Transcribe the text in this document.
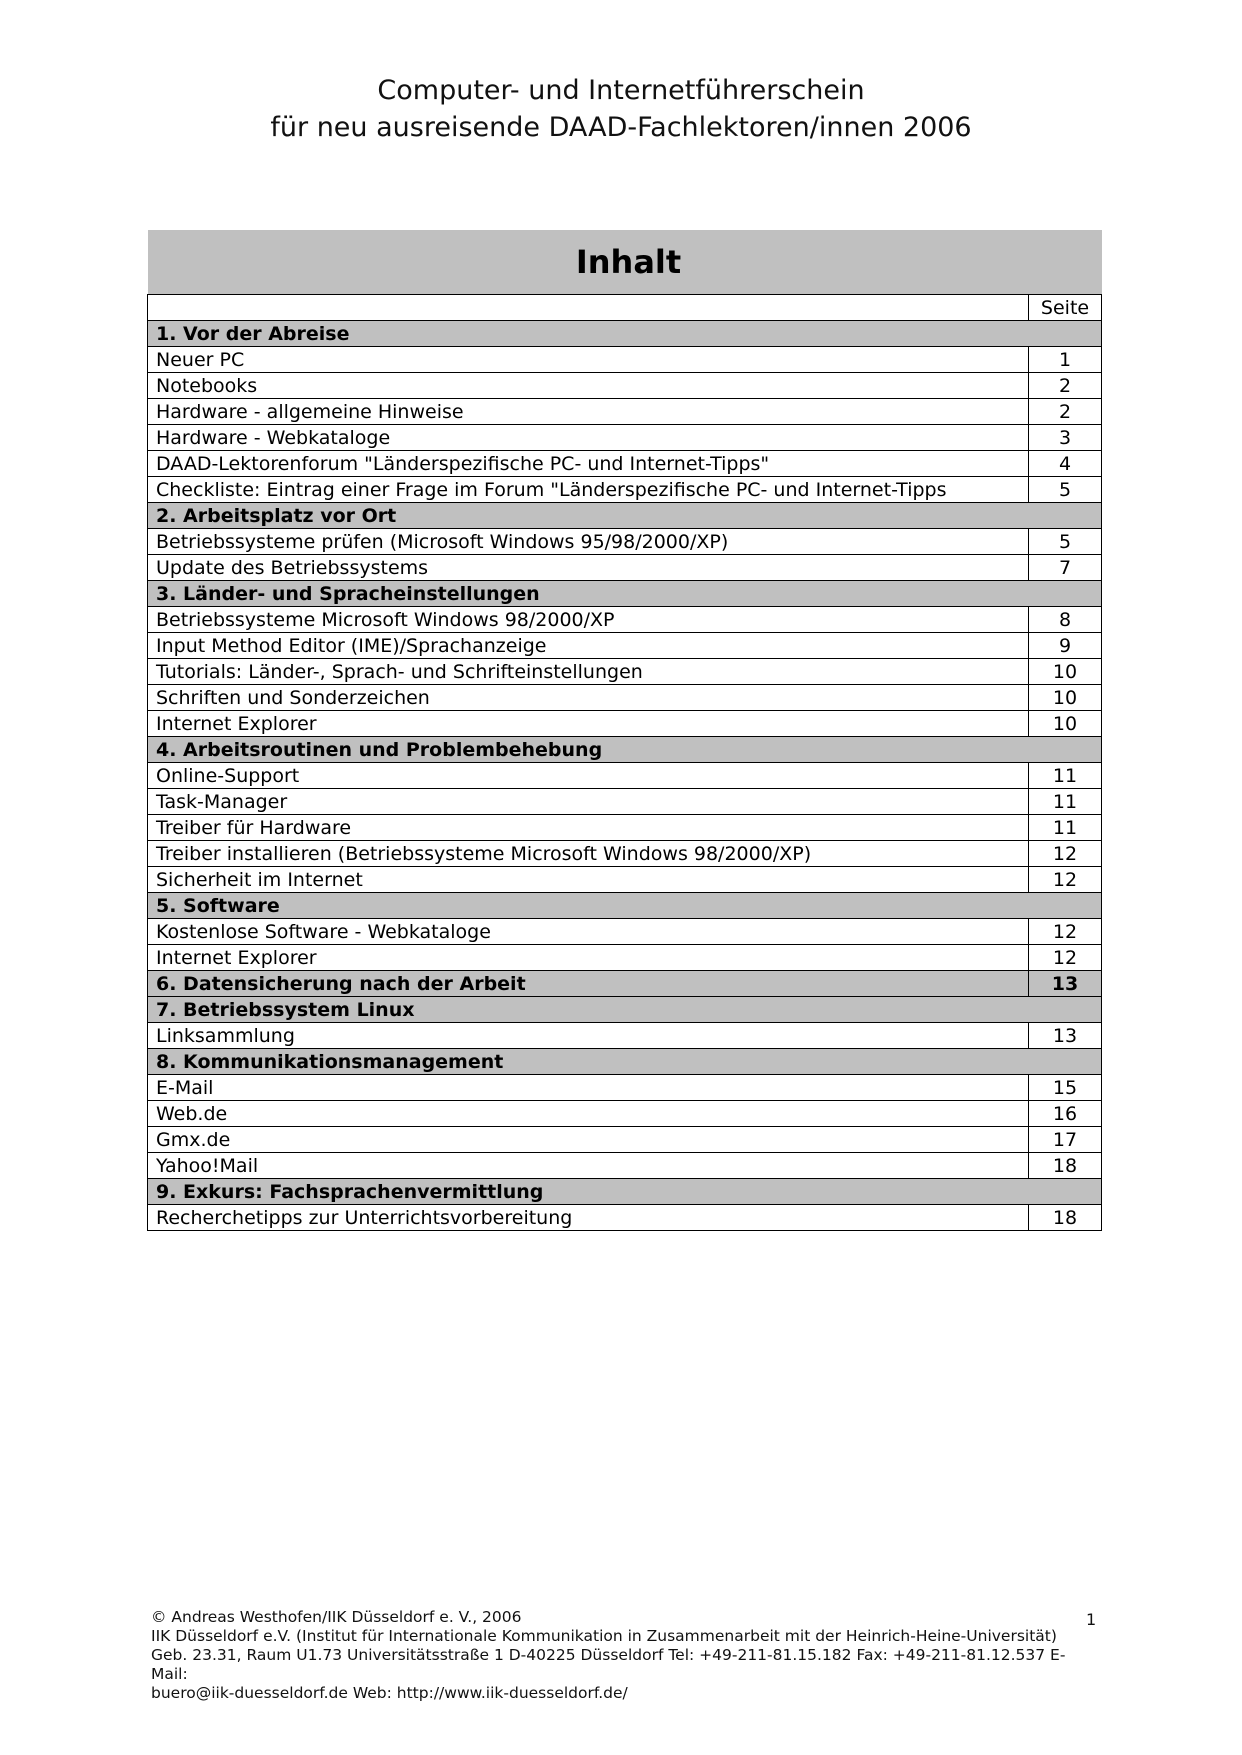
Computer- und Internetführerschein
für neu ausreisende DAAD-Fachlektoren/innen 2006
Inhalt	
	Seite
1. Vor der Abreise	
Neuer PC	1
Notebooks	2
Hardware - allgemeine Hinweise	2
Hardware - Webkataloge	3
DAAD-Lektorenforum "Länderspezifische PC- und Internet-Tipps"	4
Checkliste: Eintrag einer Frage im Forum "Länderspezifische PC- und Internet-Tipps	5
2. Arbeitsplatz vor Ort	
Betriebssysteme prüfen (Microsoft Windows 95/98/2000/XP)	5
Update des Betriebssystems	7
3. Länder- und Spracheinstellungen	
Betriebssysteme Microsoft Windows 98/2000/XP	8
Input Method Editor (IME)/Sprachanzeige	9
Tutorials: Länder-, Sprach- und Schrifteinstellungen	10
Schriften und Sonderzeichen	10
Internet Explorer	10
4. Arbeitsroutinen und Problembehebung	
Online-Support	11
Task-Manager	11
Treiber für Hardware	11
Treiber installieren (Betriebssysteme Microsoft Windows 98/2000/XP)	12
Sicherheit im Internet	12
5. Software	
Kostenlose Software - Webkataloge	12
Internet Explorer	12
6. Datensicherung nach der Arbeit	13
7. Betriebssystem Linux	
Linksammlung	13
8. Kommunikationsmanagement	
E-Mail	15
Web.de	16
Gmx.de	17
Yahoo!Mail	18
9. Exkurs: Fachsprachenvermittlung	
Recherchetipps zur Unterrichtsvorbereitung	18
© Andreas Westhofen/IIK Düsseldorf e. V., 2006
IIK Düsseldorf e.V. (Institut für Internationale Kommunikation in Zusammenarbeit mit der Heinrich-Heine-Universität)
Geb. 23.31, Raum U1.73 Universitätsstraße 1 D-40225 Düsseldorf Tel: +49-211-81.15.182 Fax: +49-211-81.12.537 E-Mail:
buero@iik-duesseldorf.de Web: http://www.iik-duesseldorf.de/
1
